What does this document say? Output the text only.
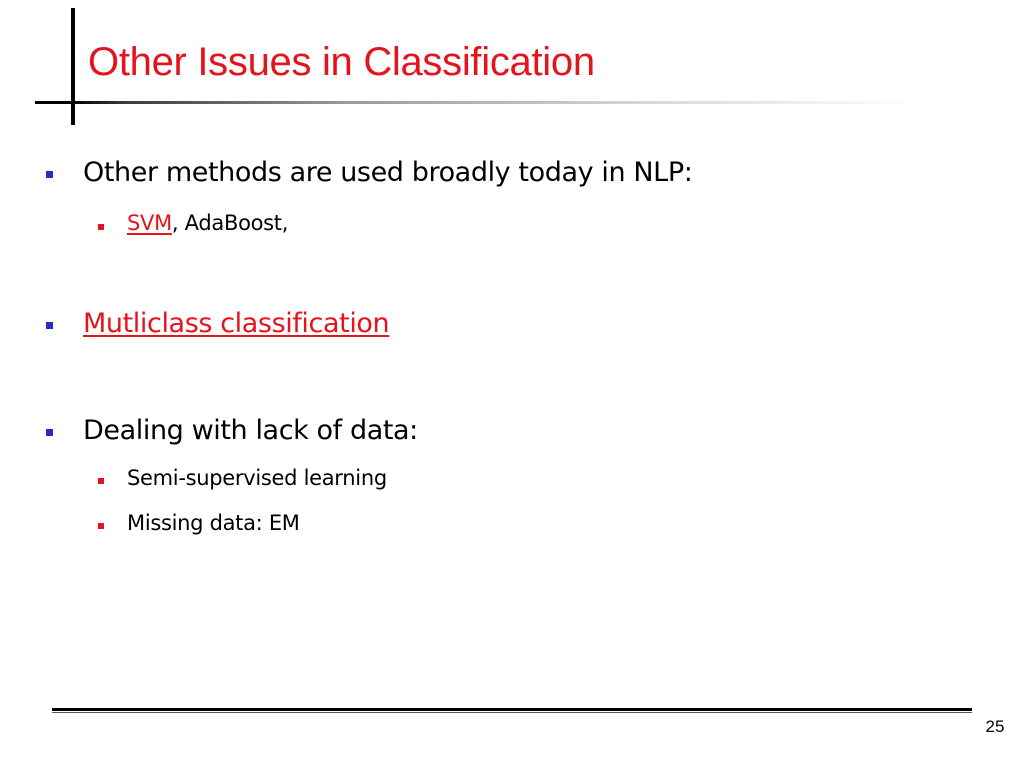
Other Issues in Classification
Other methods are used broadly today in NLP:
SVM, AdaBoost,
Mutliclass classification
Dealing with lack of data:
Semi-supervised learning
Missing data: EM
25
